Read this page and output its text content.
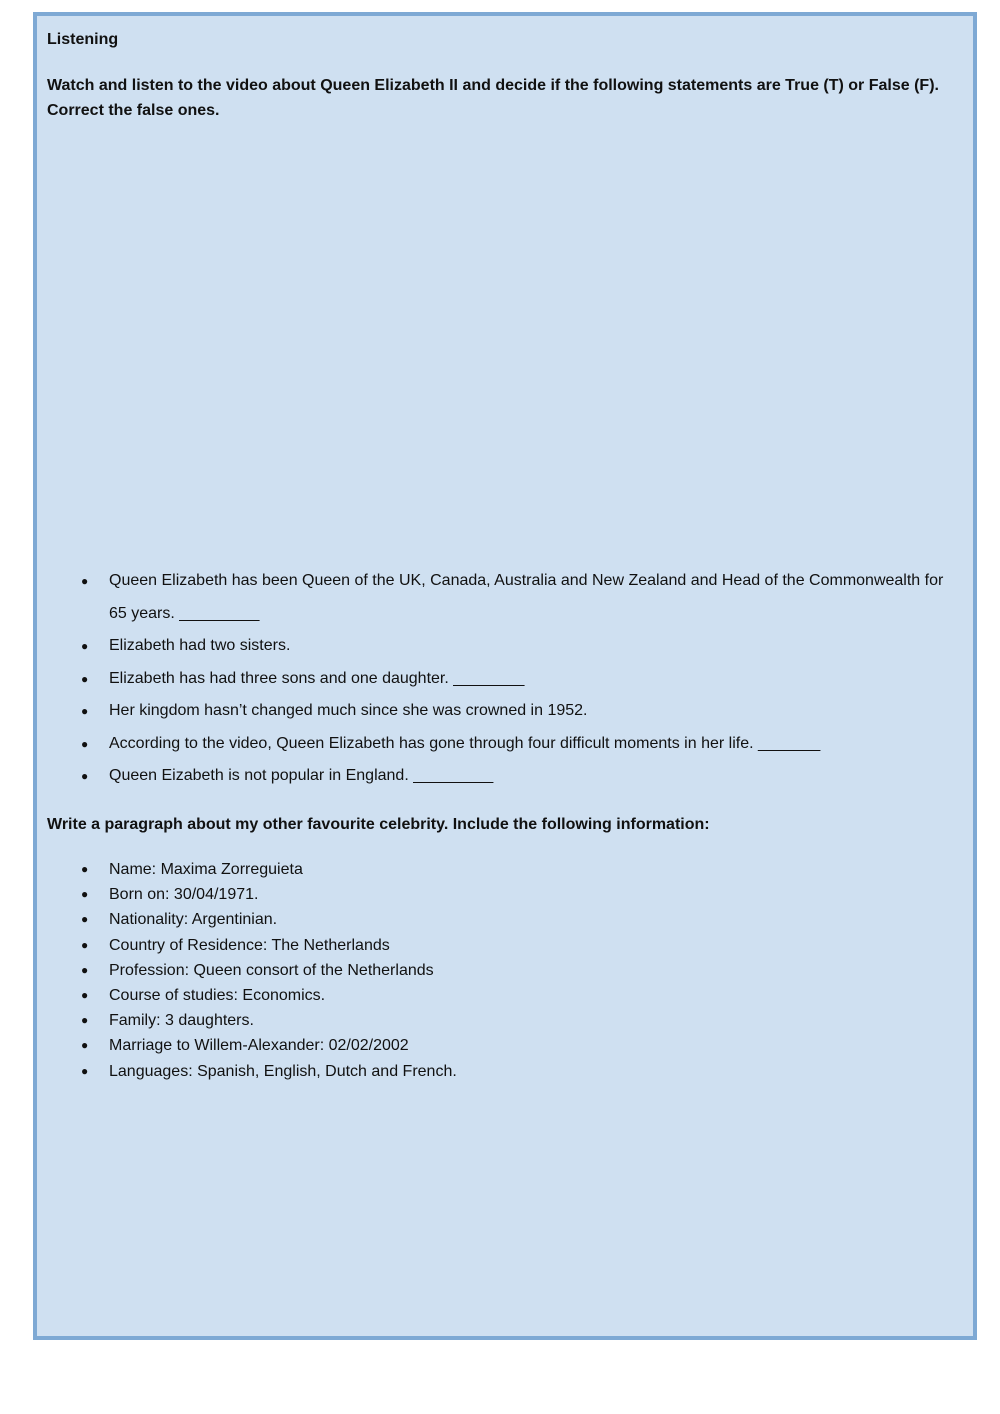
Listening
Watch and listen to the video about Queen Elizabeth II and decide if the following statements are True (T) or False (F). Correct the false ones.
● Queen Elizabeth has been Queen of the UK, Canada, Australia and New Zealand and Head of the Commonwealth for 65 years. _________
● Elizabeth had two sisters.
● Elizabeth has had three sons and one daughter. ________
● Her kingdom hasn’t changed much since she was crowned in 1952.
● According to the video, Queen Elizabeth has gone through four difficult moments in her life. _______
● Queen Eizabeth is not popular in England. _________
Write a paragraph about my other favourite celebrity. Include the following information:
● Name: Maxima Zorreguieta
● Born on: 30/04/1971.
● Nationality: Argentinian.
● Country of Residence: The Netherlands
● Profession: Queen consort of the Netherlands
● Course of studies: Economics.
● Family: 3 daughters.
● Marriage to Willem-Alexander: 02/02/2002
● Languages: Spanish, English, Dutch and French.
